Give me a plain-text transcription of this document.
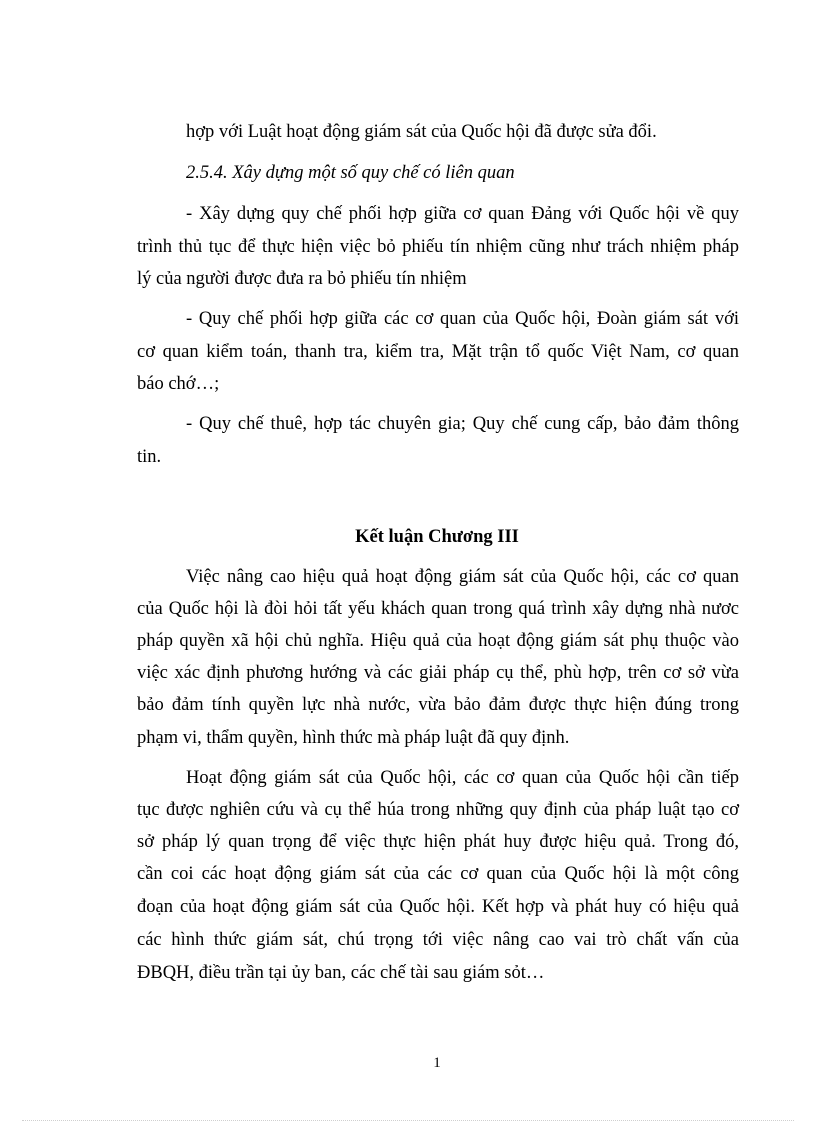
hợp với Luật hoạt động giám sát của Quốc hội đã được sửa đổi.
2.5.4. Xây dựng một số quy chế có liên quan
- Xây dựng quy chế phối hợp giữa cơ quan Đảng với Quốc hội về quy
trình thủ tục để thực hiện việc bỏ phiếu tín nhiệm cũng như trách nhiệm pháp
lý của người được đưa ra bỏ phiếu tín nhiệm
- Quy chế phối hợp giữa các cơ quan của Quốc hội, Đoàn giám sát với
cơ quan kiểm toán, thanh tra, kiểm tra, Mặt trận tổ quốc Việt Nam, cơ quan
báo chớ…;
- Quy chế thuê, hợp tác chuyên gia; Quy chế cung cấp, bảo đảm thông
tin.
Kết luận Chương III
Việc nâng cao hiệu quả hoạt động giám sát của Quốc hội, các cơ quan
của Quốc hội là đòi hỏi tất yếu khách quan trong quá trình xây dựng nhà nươc
pháp quyền xã hội chủ nghĩa. Hiệu quả của hoạt động giám sát phụ thuộc vào
việc xác định phương hướng và các giải pháp cụ thể, phù hợp, trên cơ sở vừa
bảo đảm tính quyền lực nhà nước, vừa bảo đảm được thực hiện đúng trong
phạm vi, thẩm quyền, hình thức mà pháp luật đã quy định.
Hoạt động giám sát của Quốc hội, các cơ quan của Quốc hội cần tiếp
tục được nghiên cứu và cụ thể húa trong những quy định của pháp luật tạo cơ
sở pháp lý quan trọng để việc thực hiện phát huy được hiệu quả. Trong đó,
cần coi các hoạt động giám sát của các cơ quan của Quốc hội là một công
đoạn của hoạt động giám sát của Quốc hội. Kết hợp và phát huy có hiệu quả
các hình thức giám sát, chú trọng tới việc nâng cao vai trò chất vấn của
ĐBQH, điều trần tại ủy ban, các chế tài sau giám sỏt…
1
